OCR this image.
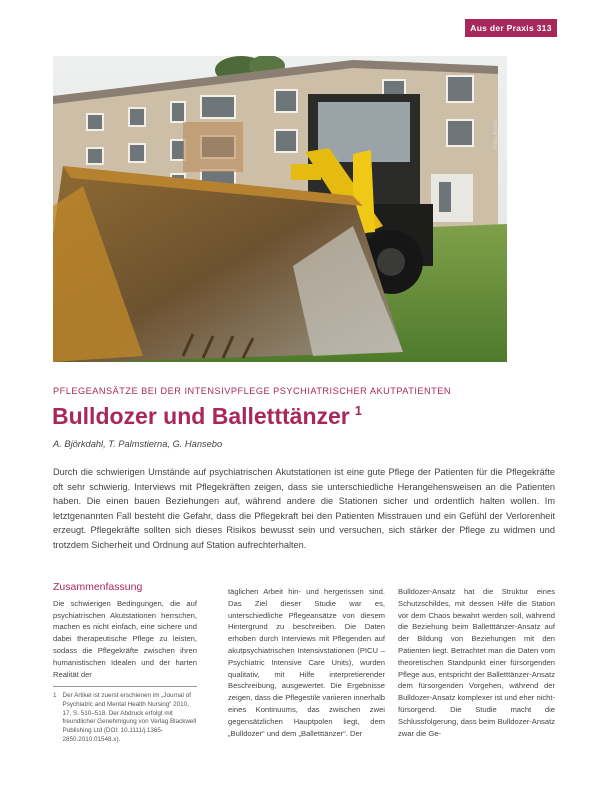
Aus der Praxis 313
Foto: Archiv
PFLEGEANSÄTZE BEI DER INTENSIVPFLEGE PSYCHIATRISCHER AKUTPATIENTEN
Bulldozer und Balletttänzer $^1$
A. Björkdahl, T. Palmstierna, G. Hansebo

Durch die schwierigen Umstände auf psychiatrischen Akutstationen ist eine gute Pflege der Patienten für die Pflegekräfte oft sehr schwierig. Interviews mit Pflegekräften zeigen, dass sie unterschiedliche Herangehensweisen an die Patienten haben. Die einen bauen Beziehungen auf, während andere die Stationen sicher und ordentlich halten wollen. Im letztgenannten Fall besteht die Gefahr, dass die Pflegekraft bei den Patienten Misstrauen und ein Gefühl der Verlorenheit erzeugt. Pflegekräfte sollten sich dieses Risikos bewusst sein und versuchen, sich stärker der Pflege zu widmen und trotzdem Sicherheit und Ordnung auf Station aufrechterhalten.

Zusammenfassung
Die schwierigen Bedingungen, die auf psychiatrischen Akutstationen herrschen, machen es nicht einfach, eine sichere und dabei therapeutische Pflege zu leisten, sodass die Pflegekräfte zwischen ihren humanistischen Idealen und der harten Realität der
täglichen Arbeit hin- und hergerissen sind. Das Ziel dieser Studie war es, unterschiedliche Pflegeansätze von diesem Hintergrund zu beschreiben. Die Daten erhoben durch Interviews mit Pflegenden auf akutpsychiatrischen Intensivstationen (PICU – Psychiatric Intensive Care Units), wurden qualitativ, mit Hilfe interpretierender Beschreibung, ausgewertet. Die Ergebnisse zeigen, dass die Pflegestile variieren innerhalb eines Kontinuums, das zwischen zwei gegensätzlichen Hauptpolen liegt, dem „Bulldozer“ und dem „Balletttänzer“. Der
Bulldozer-Ansatz hat die Struktur eines Schutzschildes, mit dessen Hilfe die Station vor dem Chaos bewahrt werden soll, während die Beziehung beim Balletttänzer-Ansatz auf der Bildung von Beziehungen mit den Patienten liegt. Betrachtet man die Daten vom theoretischen Standpunkt einer fürsorgenden Pflege aus, entspricht der Balletttänzer-Ansatz dem fürsorgenden Vorgehen, während der Bulldozer-Ansatz komplexer ist und eher nicht-fürsorgend. Die Studie macht die Schlussfolgerung, dass beim Bulldozer-Ansatz zwar die Ge-
1 Der Artikel ist zuerst erschienen im „Journal of Psychiatric and Mental Health Nursing“ 2010, 17, S. 510–518. Der Abdruck erfolgt mit freundlicher Genehmigung von Verlag Blackwell Publishing Ltd (DOI: 10.1111/j.1365-2850.2010.01548.x).
